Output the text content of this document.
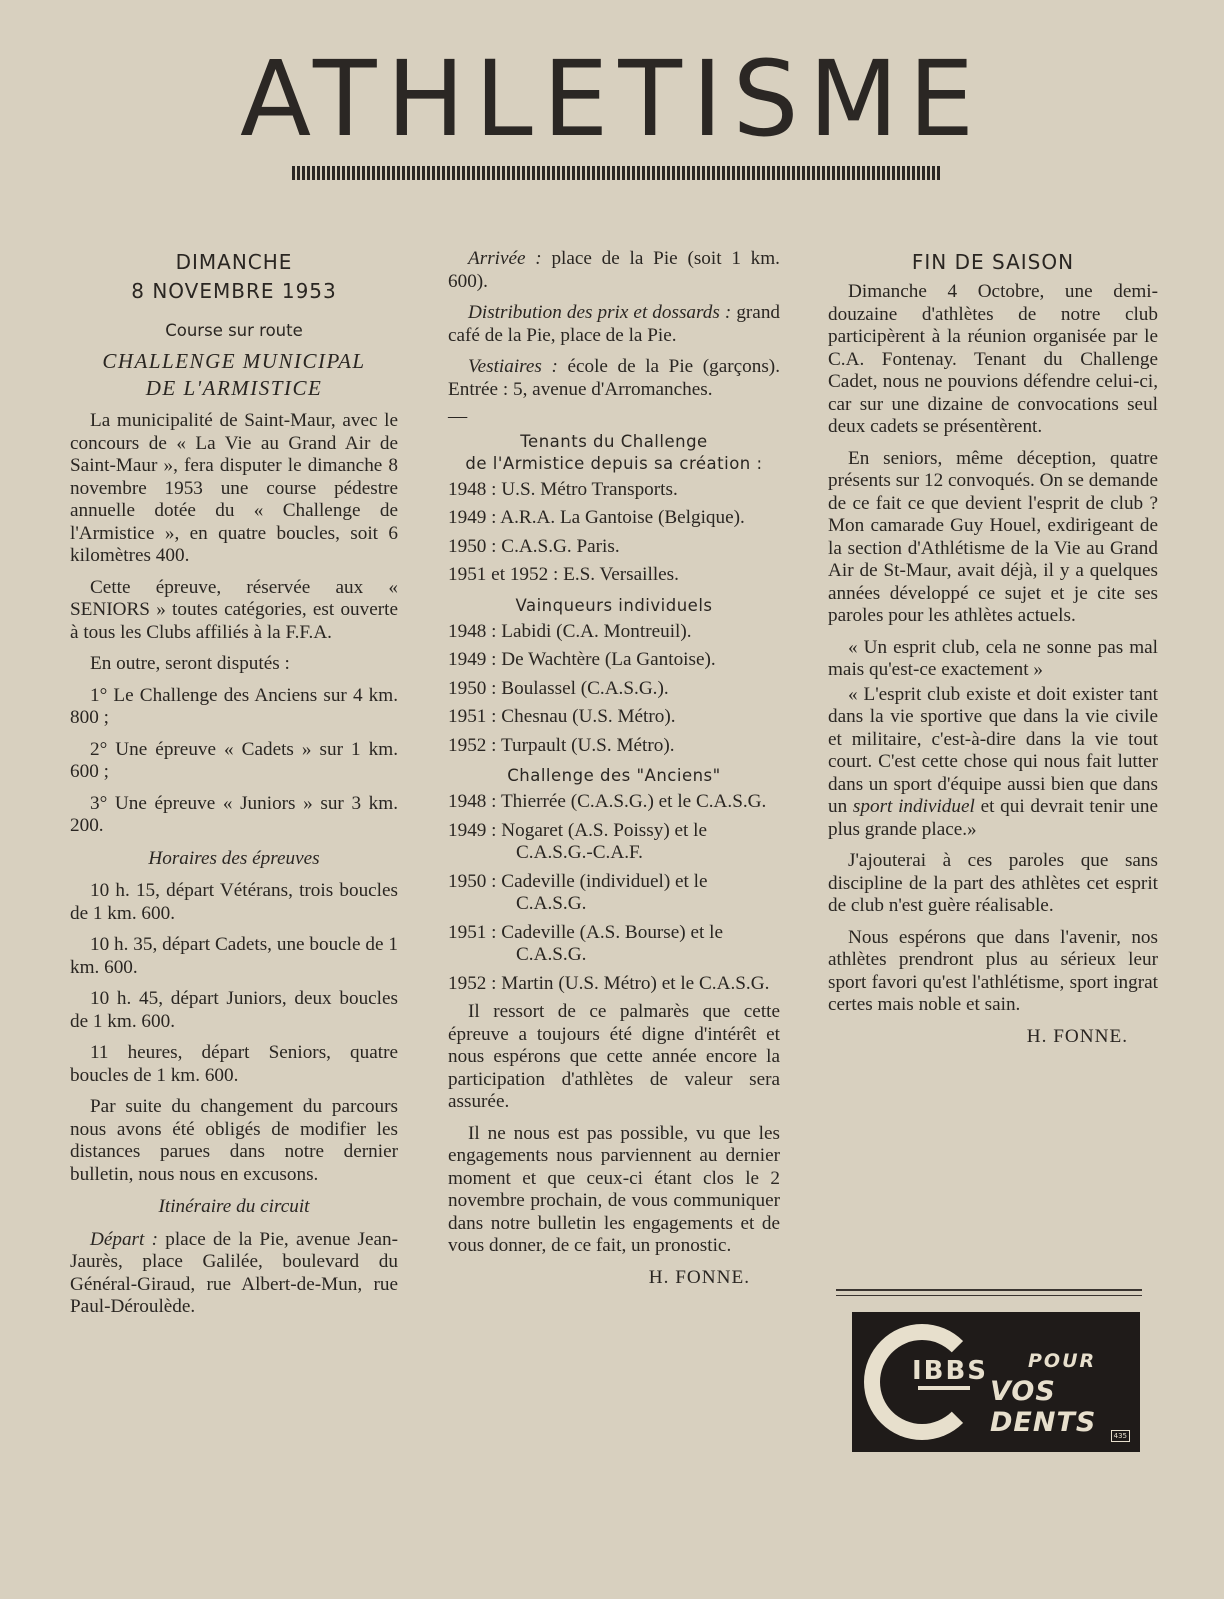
ATHLETISME
DIMANCHE
8 NOVEMBRE 1953
Course sur route
CHALLENGE MUNICIPAL
DE L'ARMISTICE

La municipalité de Saint-Maur, avec le concours de « La Vie au Grand Air de Saint-Maur », fera disputer le dimanche 8 novembre 1953 une course pédestre annuelle dotée du « Challenge de l'Armistice », en quatre boucles, soit 6 kilomètres 400.

Cette épreuve, réservée aux « SENIORS » toutes catégories, est ouverte à tous les Clubs affiliés à la F.F.A.

En outre, seront disputés :

1° Le Challenge des Anciens sur 4 km. 800 ;

2° Une épreuve « Cadets » sur 1 km. 600 ;

3° Une épreuve « Juniors » sur 3 km. 200.

Horaires des épreuves

10 h. 15, départ Vétérans, trois boucles de 1 km. 600.

10 h. 35, départ Cadets, une boucle de 1 km. 600.

10 h. 45, départ Juniors, deux boucles de 1 km. 600.

11 heures, départ Seniors, quatre boucles de 1 km. 600.

Par suite du changement du parcours nous avons été obligés de modifier les distances parues dans notre dernier bulletin, nous nous en excusons.

Itinéraire du circuit

Départ : place de la Pie, avenue Jean-Jaurès, place Galilée, boulevard du Général-Giraud, rue Albert-de-Mun, rue Paul-Déroulède.

Arrivée : place de la Pie (soit 1 km. 600).

Distribution des prix et dossards : grand café de la Pie, place de la Pie.

Vestiaires : école de la Pie (garçons). Entrée : 5, avenue d'Arromanches.

—
Tenants du Challenge
de l'Armistice depuis sa création :

1948 : U.S. Métro Transports.

1949 : A.R.A. La Gantoise (Belgique).

1950 : C.A.S.G. Paris.

1951 et 1952 : E.S. Versailles.

Vainqueurs individuels

1948 : Labidi (C.A. Montreuil).

1949 : De Wachtère (La Gantoise).

1950 : Boulassel (C.A.S.G.).

1951 : Chesnau (U.S. Métro).

1952 : Turpault (U.S. Métro).

Challenge des "Anciens"

1948 : Thierrée (C.A.S.G.) et le C.A.S.G.

1949 : Nogaret (A.S. Poissy) et le C.A.S.G.-C.A.F.

1950 : Cadeville (individuel) et le C.A.S.G.

1951 : Cadeville (A.S. Bourse) et le C.A.S.G.

1952 : Martin (U.S. Métro) et le C.A.S.G.

Il ressort de ce palmarès que cette épreuve a toujours été digne d'intérêt et nous espérons que cette année encore la participation d'athlètes de valeur sera assurée.

Il ne nous est pas possible, vu que les engagements nous parviennent au dernier moment et que ceux-ci étant clos le 2 novembre prochain, de vous communiquer dans notre bulletin les engagements et de vous donner, de ce fait, un pronostic.

H. FONNE.
FIN DE SAISON

Dimanche 4 Octobre, une demi-douzaine d'athlètes de notre club participèrent à la réunion organisée par le C.A. Fontenay. Tenant du Challenge Cadet, nous ne pouvions défendre celui-ci, car sur une dizaine de convocations seul deux cadets se présentèrent.

En seniors, même déception, quatre présents sur 12 convoqués. On se demande de ce fait ce que devient l'esprit de club ? Mon camarade Guy Houel, exdirigeant de la section d'Athlétisme de la Vie au Grand Air de St-Maur, avait déjà, il y a quelques années développé ce sujet et je cite ses paroles pour les athlètes actuels.

« Un esprit club, cela ne sonne pas mal mais qu'est-ce exactement »

« L'esprit club existe et doit exister tant dans la vie sportive que dans la vie civile et militaire, c'est-à-dire dans la vie tout court. C'est cette chose qui nous fait lutter dans un sport d'équipe aussi bien que dans un sport individuel et qui devrait tenir une plus grande place.»

J'ajouterai à ces paroles que sans discipline de la part des athlètes cet esprit de club n'est guère réalisable.

Nous espérons que dans l'avenir, nos athlètes prendront plus au sérieux leur sport favori qu'est l'athlétisme, sport ingrat certes mais noble et sain.

H. FONNE.
IBBS POUR
VOS DENTS	435
